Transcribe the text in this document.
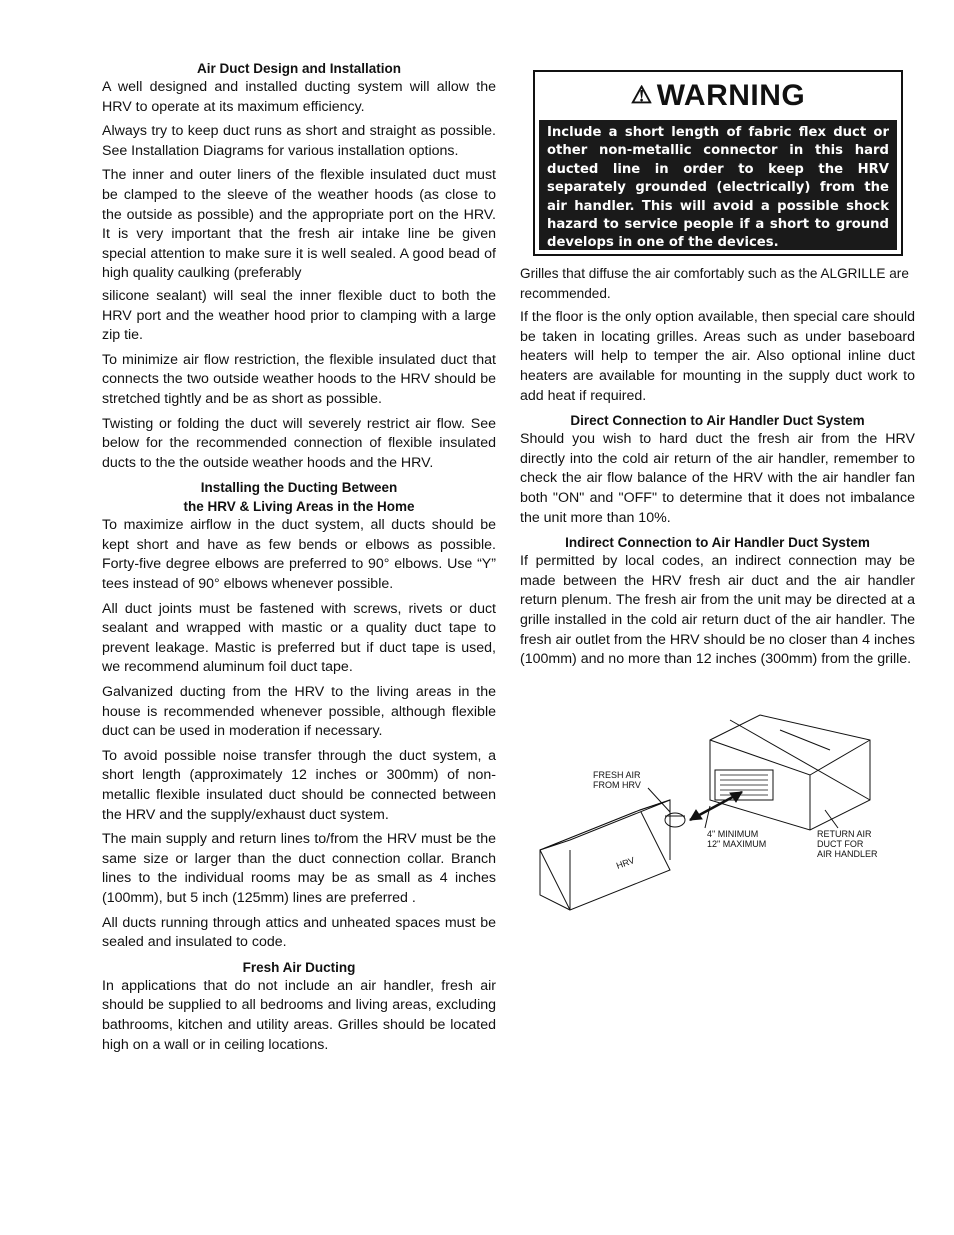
Air Duct Design and Installation

A well designed and installed ducting system will allow the HRV to operate at its maximum efficiency.

Always try to keep duct runs as short and straight as possible. See Installation Diagrams for various installation options.

The inner and outer liners of the flexible insulated duct must be clamped to the sleeve of the weather hoods (as close to the outside as possible) and the appropriate port on the HRV. It is very important that the fresh air intake line be given special attention to make sure it is well sealed. A good bead of high quality caulking (preferably

silicone sealant) will seal the inner flexible duct to both the HRV port and the weather hood prior to clamping with a large zip tie.

To minimize air flow restriction, the flexible insulated duct that connects the two outside weather hoods to the HRV should be stretched tightly and be as short as possible.

Twisting or folding the duct will severely restrict air flow. See below for the recommended connection of flexible insulated ducts to the the outside weather hoods and the HRV.

Installing the Ducting Between
the HRV & Living Areas in the Home

To maximize airflow in the duct system, all ducts should be kept short and have as few bends or elbows as possible. Forty-five degree elbows are preferred to 90° elbows. Use “Y” tees instead of 90° elbows whenever possible.

All duct joints must be fastened with screws, rivets or duct sealant and wrapped with mastic or a quality duct tape to prevent leakage. Mastic is preferred but if duct tape is used, we recommend aluminum foil duct tape.

Galvanized ducting from the HRV to the living areas in the house is recommended whenever possible, although flexible duct can be used in moderation if necessary.

To avoid possible noise transfer through the duct system, a short length (approximately 12 inches or 300mm) of non-metallic flexible insulated duct should be connected between the HRV and the supply/exhaust duct system.

The main supply and return lines to/from the HRV must be the same size or larger than the duct connection collar. Branch lines to the individual rooms may be as small as 4 inches (100mm), but 5 inch (125mm) lines are preferred .

All ducts running through attics and unheated spaces must be sealed and insulated to code.

Fresh Air Ducting

In applications that do not include an air handler, fresh air should be supplied to all bedrooms and living areas, excluding bathrooms, kitchen and utility areas. Grilles should be located high on a wall or in ceiling locations.

⚠ WARNING
Include a short length of fabric flex duct or other non-metallic connector in this hard ducted line in order to keep the HRV separately grounded (electrically) from the air handler. This will avoid a possible shock hazard to service people if a short to ground develops in one of the devices.

Grilles that diffuse the air comfortably such as the ALGRILLE are recommended.

If the floor is the only option available, then special care should be taken in locating grilles. Areas such as under baseboard heaters will help to temper the air. Also optional inline duct heaters are available for mounting in the supply duct work to add heat if required.

Direct Connection to Air Handler Duct System

Should you wish to hard duct the fresh air from the HRV directly into the cold air return of the air handler, remember to check the air flow balance of the HRV with the air handler fan both "ON" and "OFF" to determine that it does not imbalance the unit more than 10%.

Indirect Connection to Air Handler Duct System

If permitted by local codes, an indirect connection may be made between the HRV fresh air duct and the air handler return plenum. The fresh air from the unit may be directed at a grille installed in the cold air return duct of the air handler. The fresh air outlet from the HRV should be no closer than 4 inches (100mm) and no more than 12 inches (300mm) from the grille.

FRESH AIR
FROM HRV
4" MINIMUM
12" MAXIMUM
RETURN AIR
DUCT FOR
AIR HANDLER
HRV
